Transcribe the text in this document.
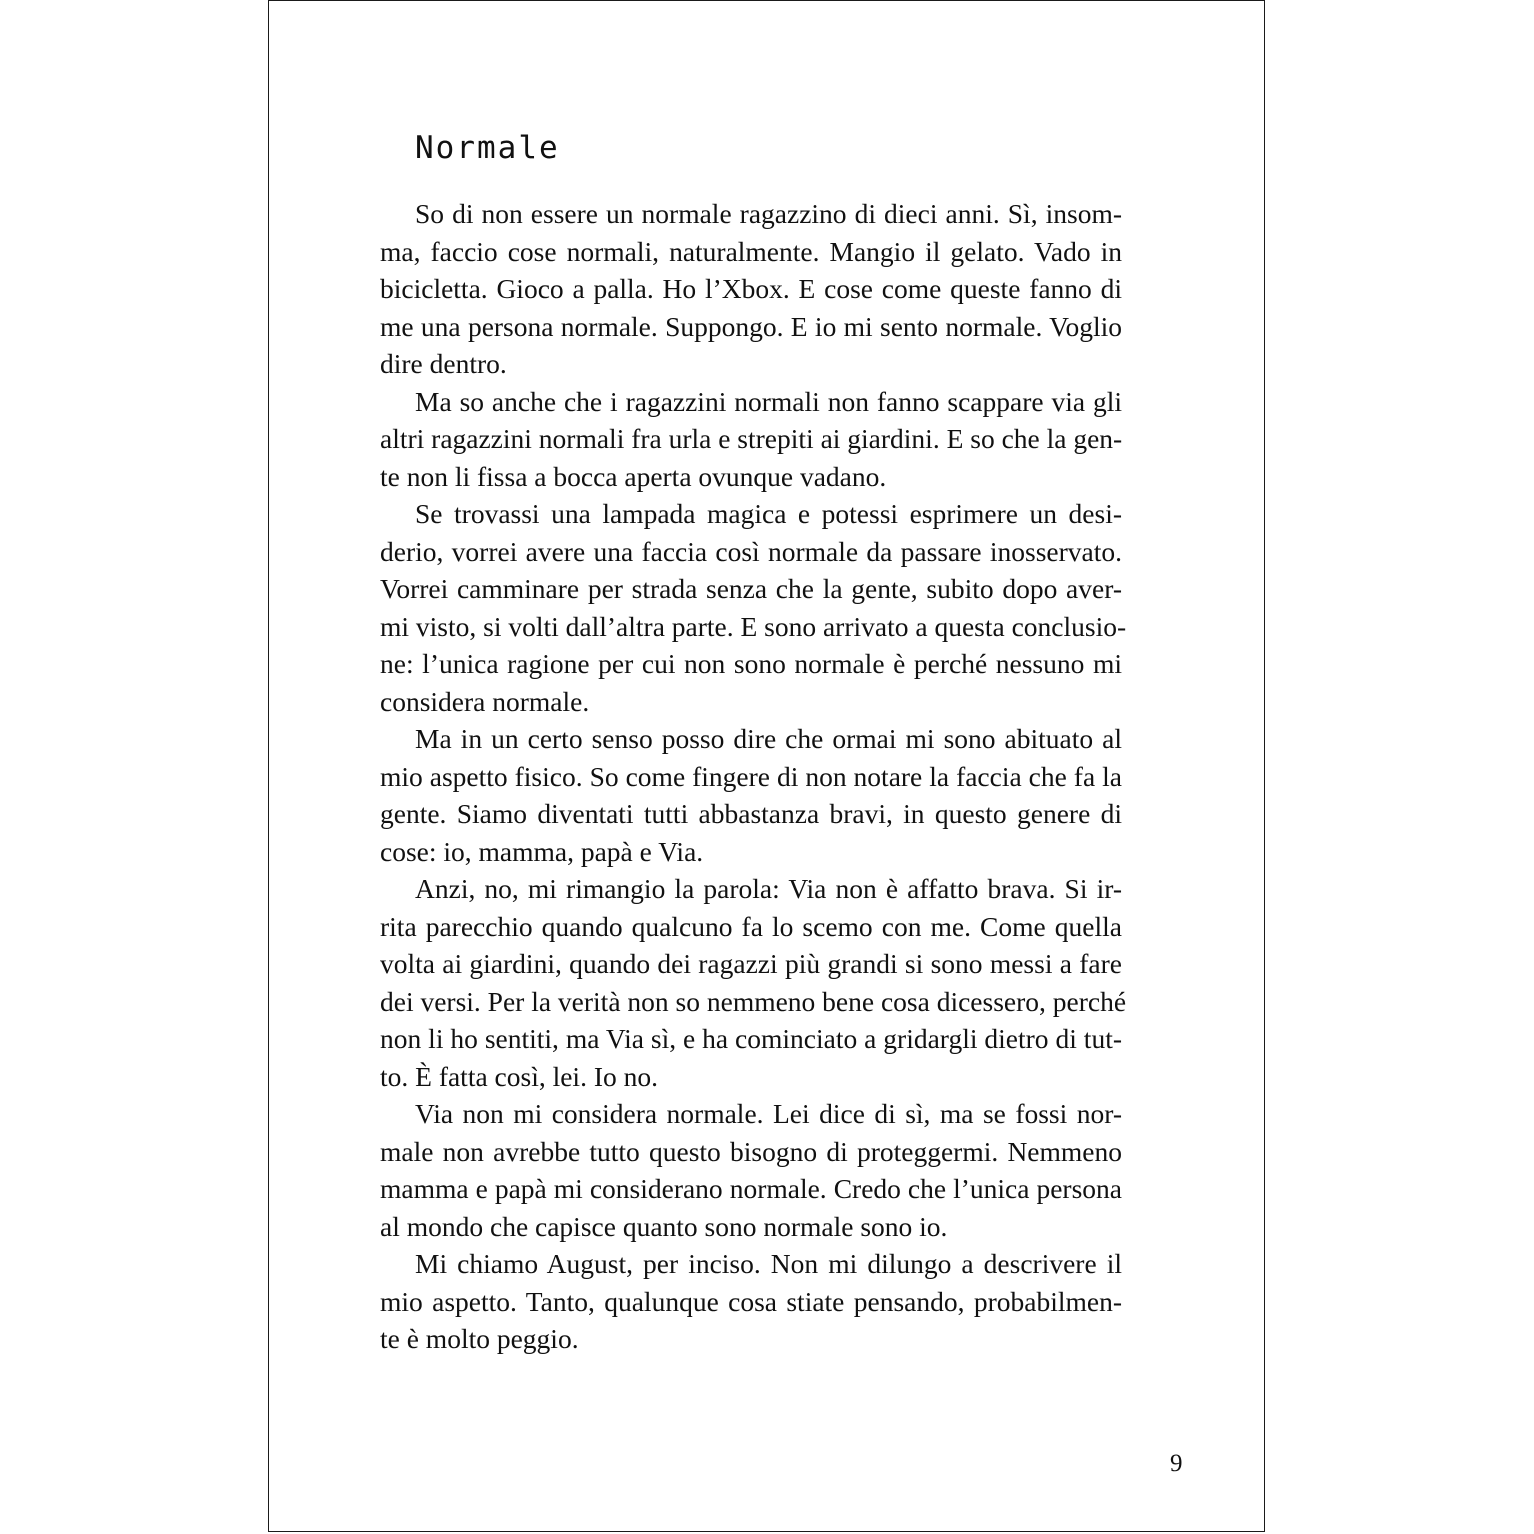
Normale

So di non essere un normale ragazzino di dieci anni. Sì, insom-
ma, faccio cose normali, naturalmente. Mangio il gelato. Vado in
bicicletta. Gioco a palla. Ho l’Xbox. E cose come queste fanno di
me una persona normale. Suppongo. E io mi sento normale. Voglio
dire dentro.

Ma so anche che i ragazzini normali non fanno scappare via gli
altri ragazzini normali fra urla e strepiti ai giardini. E so che la gen-
te non li fissa a bocca aperta ovunque vadano.

Se trovassi una lampada magica e potessi esprimere un desi-
derio, vorrei avere una faccia così normale da passare inosservato.
Vorrei camminare per strada senza che la gente, subito dopo aver-
mi visto, si volti dall’altra parte. E sono arrivato a questa conclusio-
ne: l’unica ragione per cui non sono normale è perché nessuno mi
considera normale.

Ma in un certo senso posso dire che ormai mi sono abituato al
mio aspetto fisico. So come fingere di non notare la faccia che fa la
gente. Siamo diventati tutti abbastanza bravi, in questo genere di
cose: io, mamma, papà e Via.

Anzi, no, mi rimangio la parola: Via non è affatto brava. Si ir-
rita parecchio quando qualcuno fa lo scemo con me. Come quella
volta ai giardini, quando dei ragazzi più grandi si sono messi a fare
dei versi. Per la verità non so nemmeno bene cosa dicessero, perché
non li ho sentiti, ma Via sì, e ha cominciato a gridargli dietro di tut-
to. È fatta così, lei. Io no.

Via non mi considera normale. Lei dice di sì, ma se fossi nor-
male non avrebbe tutto questo bisogno di proteggermi. Nemmeno
mamma e papà mi considerano normale. Credo che l’unica persona
al mondo che capisce quanto sono normale sono io.

Mi chiamo August, per inciso. Non mi dilungo a descrivere il
mio aspetto. Tanto, qualunque cosa stiate pensando, probabilmen-
te è molto peggio.

9
